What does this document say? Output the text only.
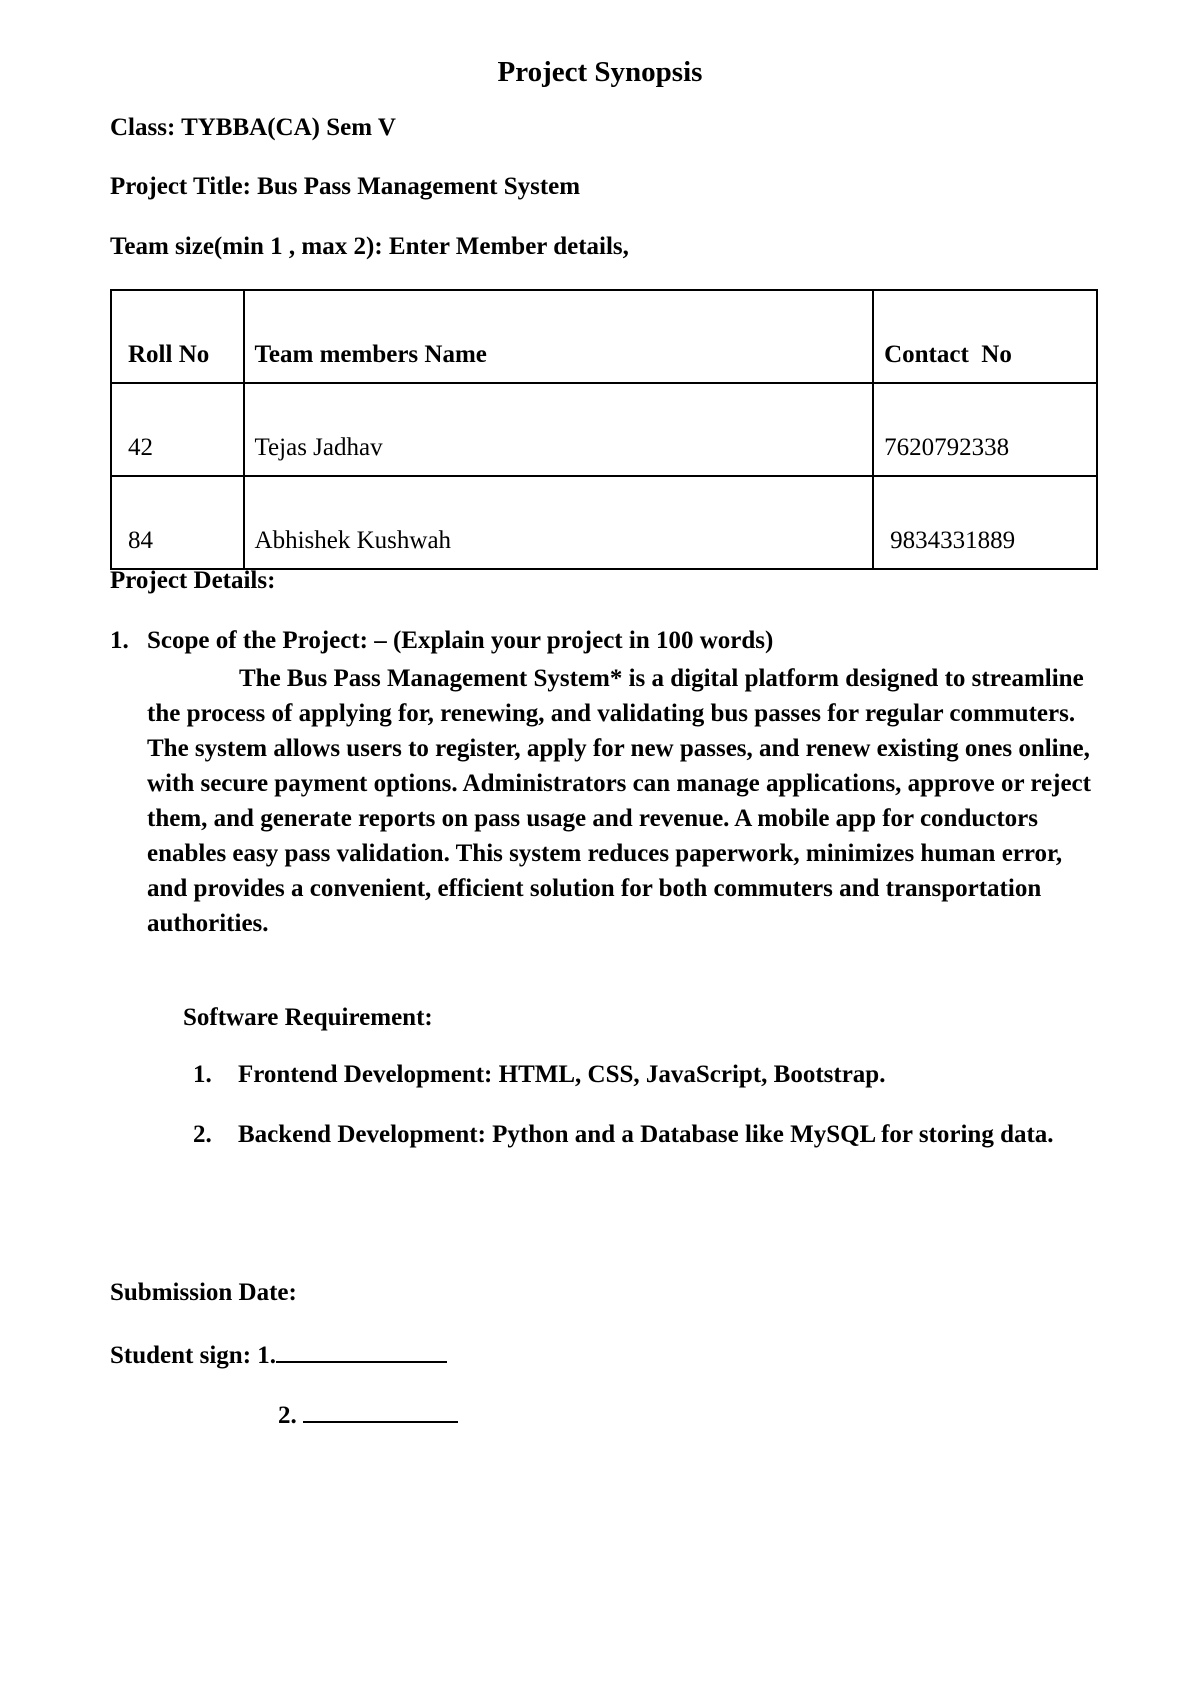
Project Synopsis
Class: TYBBA(CA) Sem V
Project Title: Bus Pass Management System
Team size(min 1 , max 2): Enter Member details,
Roll No	Team members Name	Contact  No
42	Tejas Jadhav	7620792338
84	Abhishek Kushwah	9834331889
Project Details:
1. Scope of the Project: – (Explain your project in 100 words)

The Bus Pass Management System* is a digital platform designed to streamline the process of applying for, renewing, and validating bus passes for regular commuters. The system allows users to register, apply for new passes, and renew existing ones online, with secure payment options. Administrators can manage applications, approve or reject them, and generate reports on pass usage and revenue. A mobile app for conductors enables easy pass validation. This system reduces paperwork, minimizes human error, and provides a convenient, efficient solution for both commuters and transportation authorities.

Software Requirement:
1. Frontend Development: HTML, CSS, JavaScript, Bootstrap.
2. Backend Development: Python and a Database like MySQL for storing data.
Submission Date:
Student sign: 1.
2.
